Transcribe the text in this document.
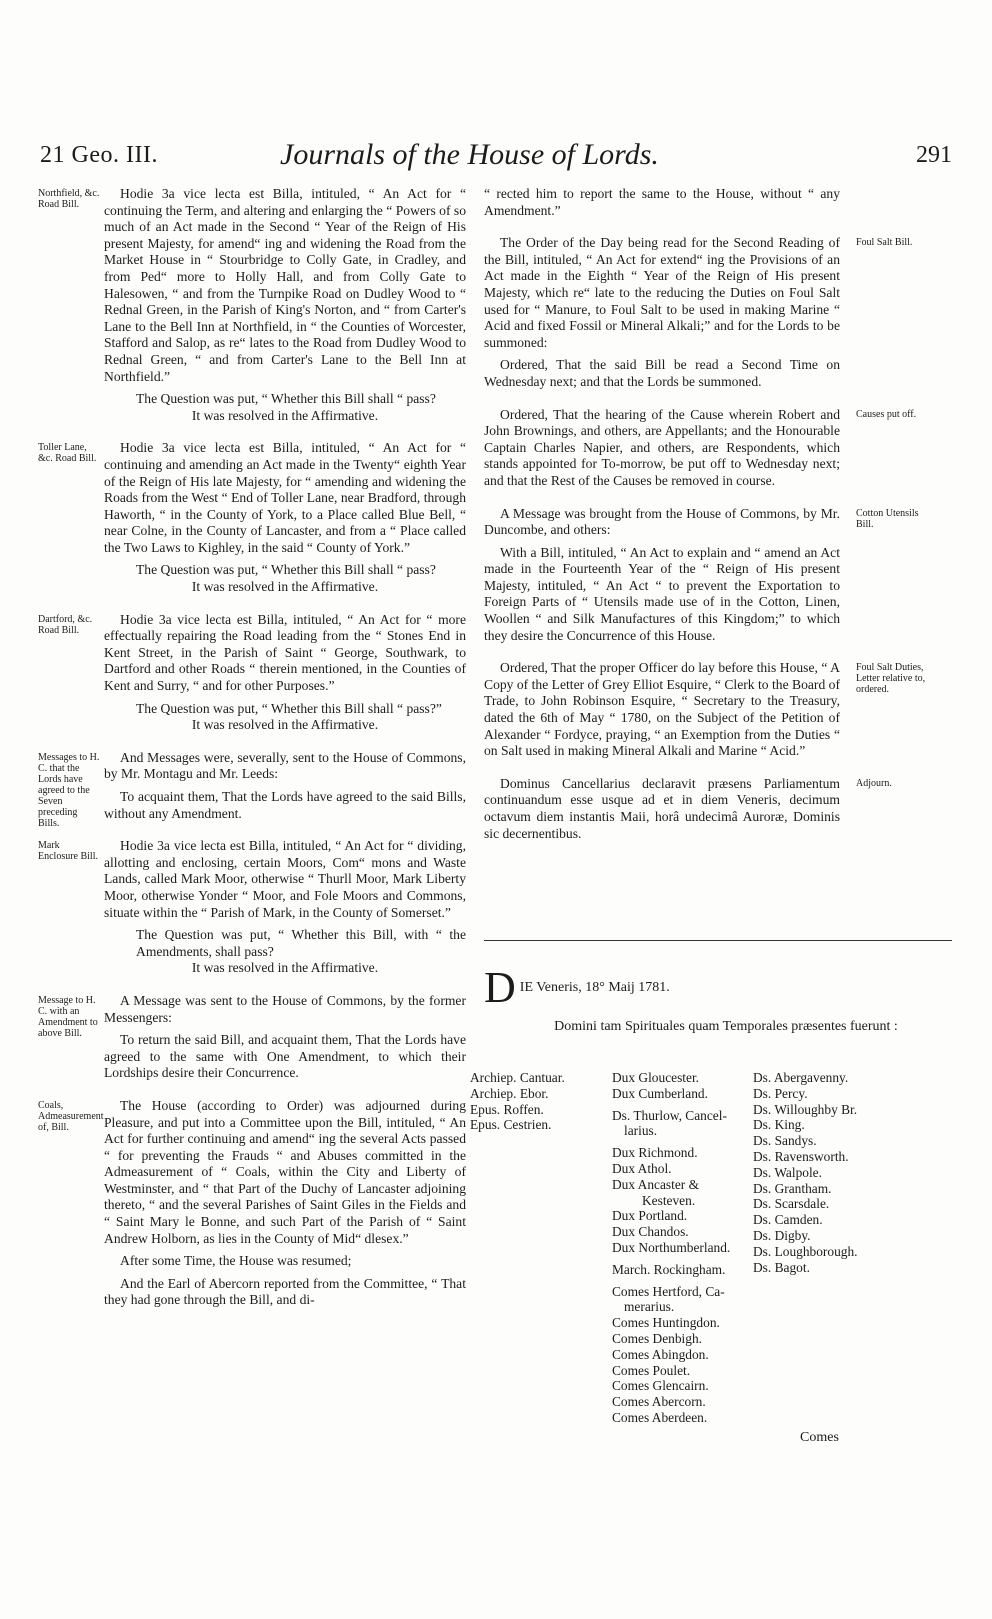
21 Geo. III.	Journals of the House of Lords.	291
Northfield, &c. Road Bill.

Hodie 3a vice lecta est Billa, intituled, “ An Act for “ continuing the Term, and altering and enlarging the “ Powers of so much of an Act made in the Second “ Year of the Reign of His present Majesty, for amend“ ing and widening the Road from the Market House in “ Stourbridge to Colly Gate, in Cradley, and from Ped“ more to Holly Hall, and from Colly Gate to Halesowen, “ and from the Turnpike Road on Dudley Wood to “ Rednal Green, in the Parish of King's Norton, and “ from Carter's Lane to the Bell Inn at Northfield, in “ the Counties of Worcester, Stafford and Salop, as re“ lates to the Road from Dudley Wood to Rednal Green, “ and from Carter's Lane to the Bell Inn at Northfield.”

The Question was put, “ Whether this Bill shall “ pass?

It was resolved in the Affirmative.

Toller Lane, &c. Road Bill.

Hodie 3a vice lecta est Billa, intituled, “ An Act for “ continuing and amending an Act made in the Twenty“ eighth Year of the Reign of His late Majesty, for “ amending and widening the Roads from the West “ End of Toller Lane, near Bradford, through Haworth, “ in the County of York, to a Place called Blue Bell, “ near Colne, in the County of Lancaster, and from a “ Place called the Two Laws to Kighley, in the said “ County of York.”

The Question was put, “ Whether this Bill shall “ pass?

It was resolved in the Affirmative.

Dartford, &c. Road Bill.

Hodie 3a vice lecta est Billa, intituled, “ An Act for “ more effectually repairing the Road leading from the “ Stones End in Kent Street, in the Parish of Saint “ George, Southwark, to Dartford and other Roads “ therein mentioned, in the Counties of Kent and Surry, “ and for other Purposes.”

The Question was put, “ Whether this Bill shall “ pass?”

It was resolved in the Affirmative.

Messages to H. C. that the Lords have agreed to the Seven preceding Bills.

And Messages were, severally, sent to the House of Commons, by Mr. Montagu and Mr. Leeds:

To acquaint them, That the Lords have agreed to the said Bills, without any Amendment.

Mark Enclosure Bill.

Hodie 3a vice lecta est Billa, intituled, “ An Act for “ dividing, allotting and enclosing, certain Moors, Com“ mons and Waste Lands, called Mark Moor, otherwise “ Thurll Moor, Mark Liberty Moor, otherwise Yonder “ Moor, and Fole Moors and Commons, situate within the “ Parish of Mark, in the County of Somerset.”

The Question was put, “ Whether this Bill, with “ the Amendments, shall pass?

It was resolved in the Affirmative.

Message to H. C. with an Amendment to above Bill.

A Message was sent to the House of Commons, by the former Messengers:

To return the said Bill, and acquaint them, That the Lords have agreed to the same with One Amendment, to which their Lordships desire their Concurrence.

Coals, Admeasurement of, Bill.

The House (according to Order) was adjourned during Pleasure, and put into a Committee upon the Bill, intituled, “ An Act for further continuing and amend“ ing the several Acts passed “ for preventing the Frauds “ and Abuses committed in the Admeasurement of “ Coals, within the City and Liberty of Westminster, and “ that Part of the Duchy of Lancaster adjoining thereto, “ and the several Parishes of Saint Giles in the Fields and “ Saint Mary le Bonne, and such Part of the Parish of “ Saint Andrew Holborn, as lies in the County of Mid“ dlesex.”

After some Time, the House was resumed;

And the Earl of Abercorn reported from the Committee, “ That they had gone through the Bill, and di-

“ rected him to report the same to the House, without “ any Amendment.”

Foul Salt Bill.

The Order of the Day being read for the Second Reading of the Bill, intituled, “ An Act for extend“ ing the Provisions of an Act made in the Eighth “ Year of the Reign of His present Majesty, which re“ late to the reducing the Duties on Foul Salt used for “ Manure, to Foul Salt to be used in making Marine “ Acid and fixed Fossil or Mineral Alkali;” and for the Lords to be summoned:

Ordered, That the said Bill be read a Second Time on Wednesday next; and that the Lords be summoned.

Causes put off.

Ordered, That the hearing of the Cause wherein Robert and John Brownings, and others, are Appellants; and the Honourable Captain Charles Napier, and others, are Respondents, which stands appointed for To-morrow, be put off to Wednesday next; and that the Rest of the Causes be removed in course.

Cotton Utensils Bill.

A Message was brought from the House of Commons, by Mr. Duncombe, and others:

With a Bill, intituled, “ An Act to explain and “ amend an Act made in the Fourteenth Year of the “ Reign of His present Majesty, intituled, “ An Act “ to prevent the Exportation to Foreign Parts of “ Utensils made use of in the Cotton, Linen, Woollen “ and Silk Manufactures of this Kingdom;” to which they desire the Concurrence of this House.

Foul Salt Duties, Letter relative to, ordered.

Ordered, That the proper Officer do lay before this House, “ A Copy of the Letter of Grey Elliot Esquire, “ Clerk to the Board of Trade, to John Robinson Esquire, “ Secretary to the Treasury, dated the 6th of May “ 1780, on the Subject of the Petition of Alexander “ Fordyce, praying, “ an Exemption from the Duties “ on Salt used in making Mineral Alkali and Marine “ Acid.”

Adjourn.

Dominus Cancellarius declaravit præsens Parliamentum continuandum esse usque ad et in diem Veneris, decimum octavum diem instantis Maii, horâ undecimâ Auroræ, Dominis sic decernentibus.

D IE Veneris, 18° Maij 1781.
Domini tam Spirituales quam Temporales præsentes fuerunt :
Archiep. Cantuar.
Archiep. Ebor.
Epus. Roffen.
Epus. Cestrien.
Dux Gloucester.
Dux Cumberland.
Ds. Thurlow, Cancel-
larius.
Dux Richmond.
Dux Athol.
Dux Ancaster &
Kesteven.
Dux Portland.
Dux Chandos.
Dux Northumberland.
March. Rockingham.
Comes Hertford, Ca-
merarius.
Comes Huntingdon.
Comes Denbigh.
Comes Abingdon.
Comes Poulet.
Comes Glencairn.
Comes Abercorn.
Comes Aberdeen.
Ds. Abergavenny.
Ds. Percy.
Ds. Willoughby Br.
Ds. King.
Ds. Sandys.
Ds. Ravensworth.
Ds. Walpole.
Ds. Grantham.
Ds. Scarsdale.
Ds. Camden.
Ds. Digby.
Ds. Loughborough.
Ds. Bagot.
Comes
